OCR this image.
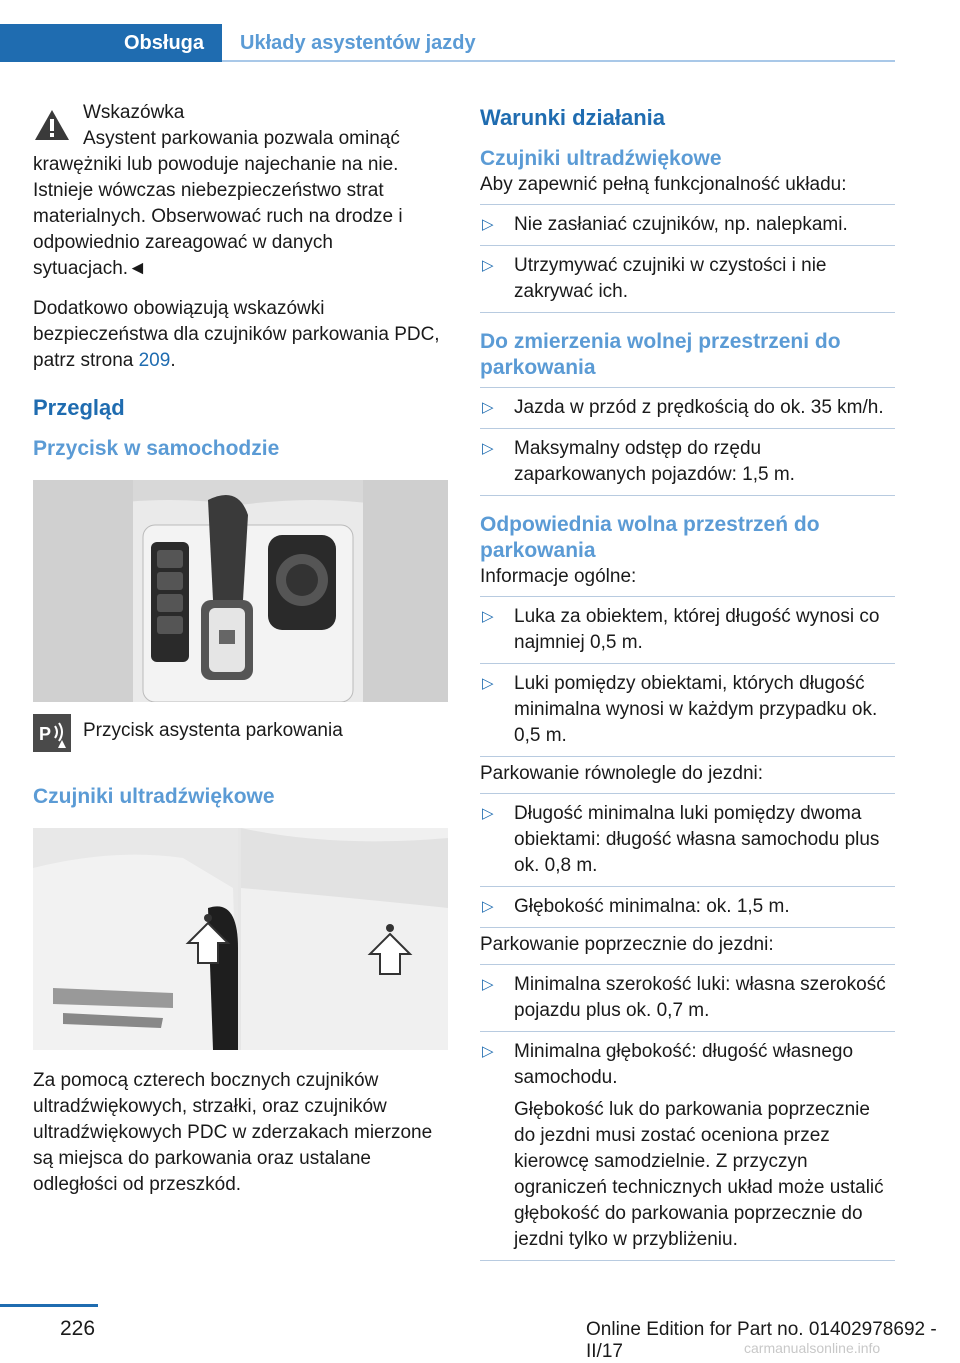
Obsługa Układy asystentów jazdy

Wskazówka

Asystent parkowania pozwala ominąć

krawężniki lub powoduje najechanie na nie. Istnieje wówczas niebezpieczeństwo strat materialnych. Obserwować ruch na drodze i odpowiednio zareagować w danych sytuacjach.◄

Dodatkowo obowiązują wskazówki bezpieczeństwa dla czujników parkowania PDC, patrz strona 209.

Przegląd
Przycisk w samochodzie
P Przycisk asystenta parkowania
Czujniki ultradźwiękowe

Za pomocą czterech bocznych czujników ultradźwiękowych, strzałki, oraz czujników ultradźwiękowych PDC w zderzakach mierzone są miejsca do parkowania oraz ustalane odległości od przeszkód.

Warunki działania
Czujniki ultradźwiękowe

Aby zapewnić pełną funkcjonalność układu:

▷ Nie zasłaniać czujników, np. nalepkami.
▷ Utrzymywać czujniki w czystości i nie zakrywać ich.
Do zmierzenia wolnej przestrzeni do parkowania
▷ Jazda w przód z prędkością do ok. 35 km/h.
▷ Maksymalny odstęp do rzędu zaparkowanych pojazdów: 1,5 m.
Odpowiednia wolna przestrzeń do parkowania

Informacje ogólne:

▷ Luka za obiektem, której długość wynosi co najmniej 0,5 m.
▷ Luki pomiędzy obiektami, których długość minimalna wynosi w każdym przypadku ok. 0,5 m.

Parkowanie równolegle do jezdni:

▷ Długość minimalna luki pomiędzy dwoma obiektami: długość własna samochodu plus ok. 0,8 m.
▷ Głębokość minimalna: ok. 1,5 m.

Parkowanie poprzecznie do jezdni:

▷ Minimalna szerokość luki: własna szerokość pojazdu plus ok. 0,7 m.
▷ Minimalna głębokość: długość własnego samochodu.

Głębokość luk do parkowania poprzecznie do jezdni musi zostać oceniona przez kierowcę samodzielnie. Z przyczyn ograniczeń technicznych układ może ustalić głębokość do parkowania poprzecznie do jezdni tylko w przybliżeniu.

226	Online Edition for Part no. 01402978692 - II/17	carmanualsonline.info
